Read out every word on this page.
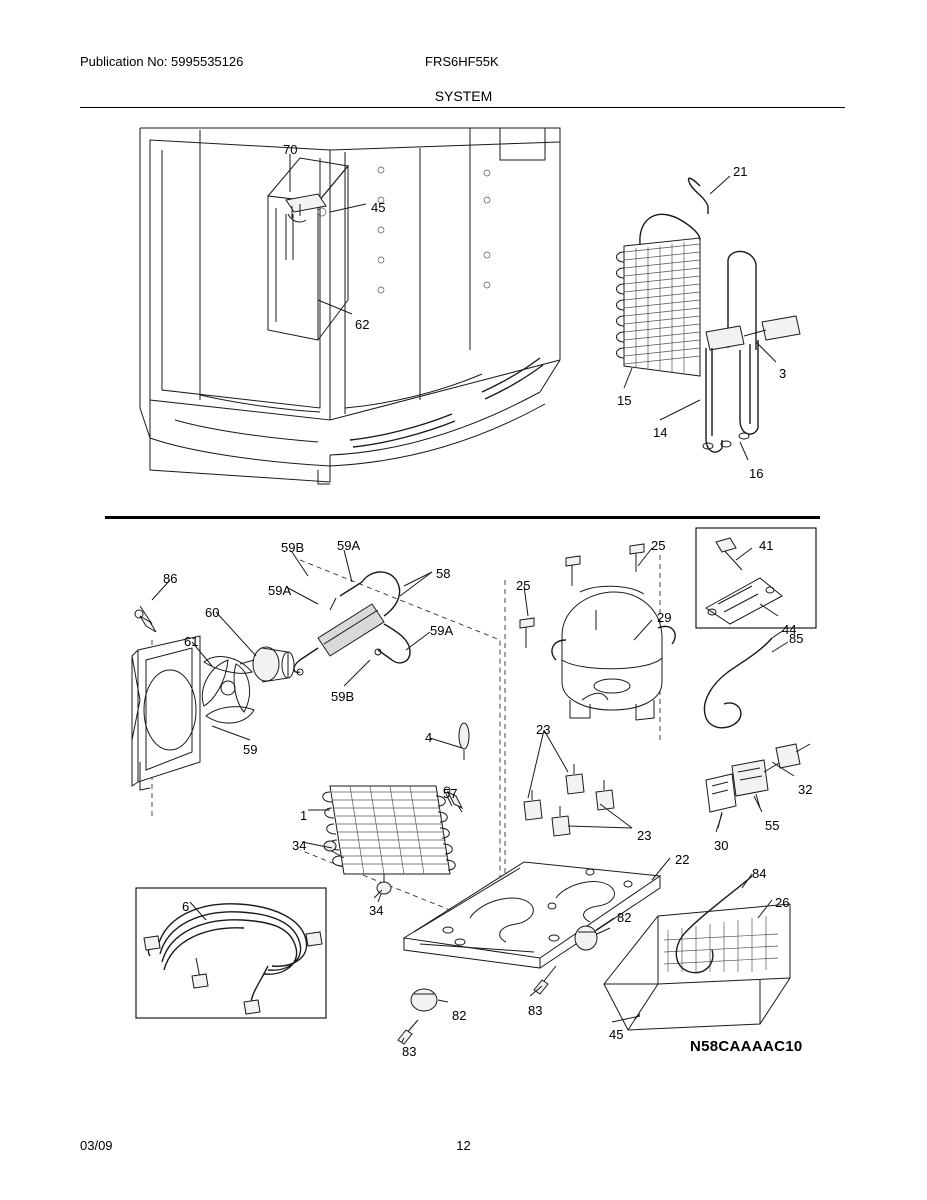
Publication No: 5995535126	FRS6HF55K
SYSTEM
70
45
62
21
3
15
14
16
59B	59A
58
59A
86
60
59A
61
59B
59
25
25
29
41
44
85
4
23
32
57
1
23
55
30
34
34
22
84
26
6
82
83
82
45
83	N58CAAAAC10
03/09	12
